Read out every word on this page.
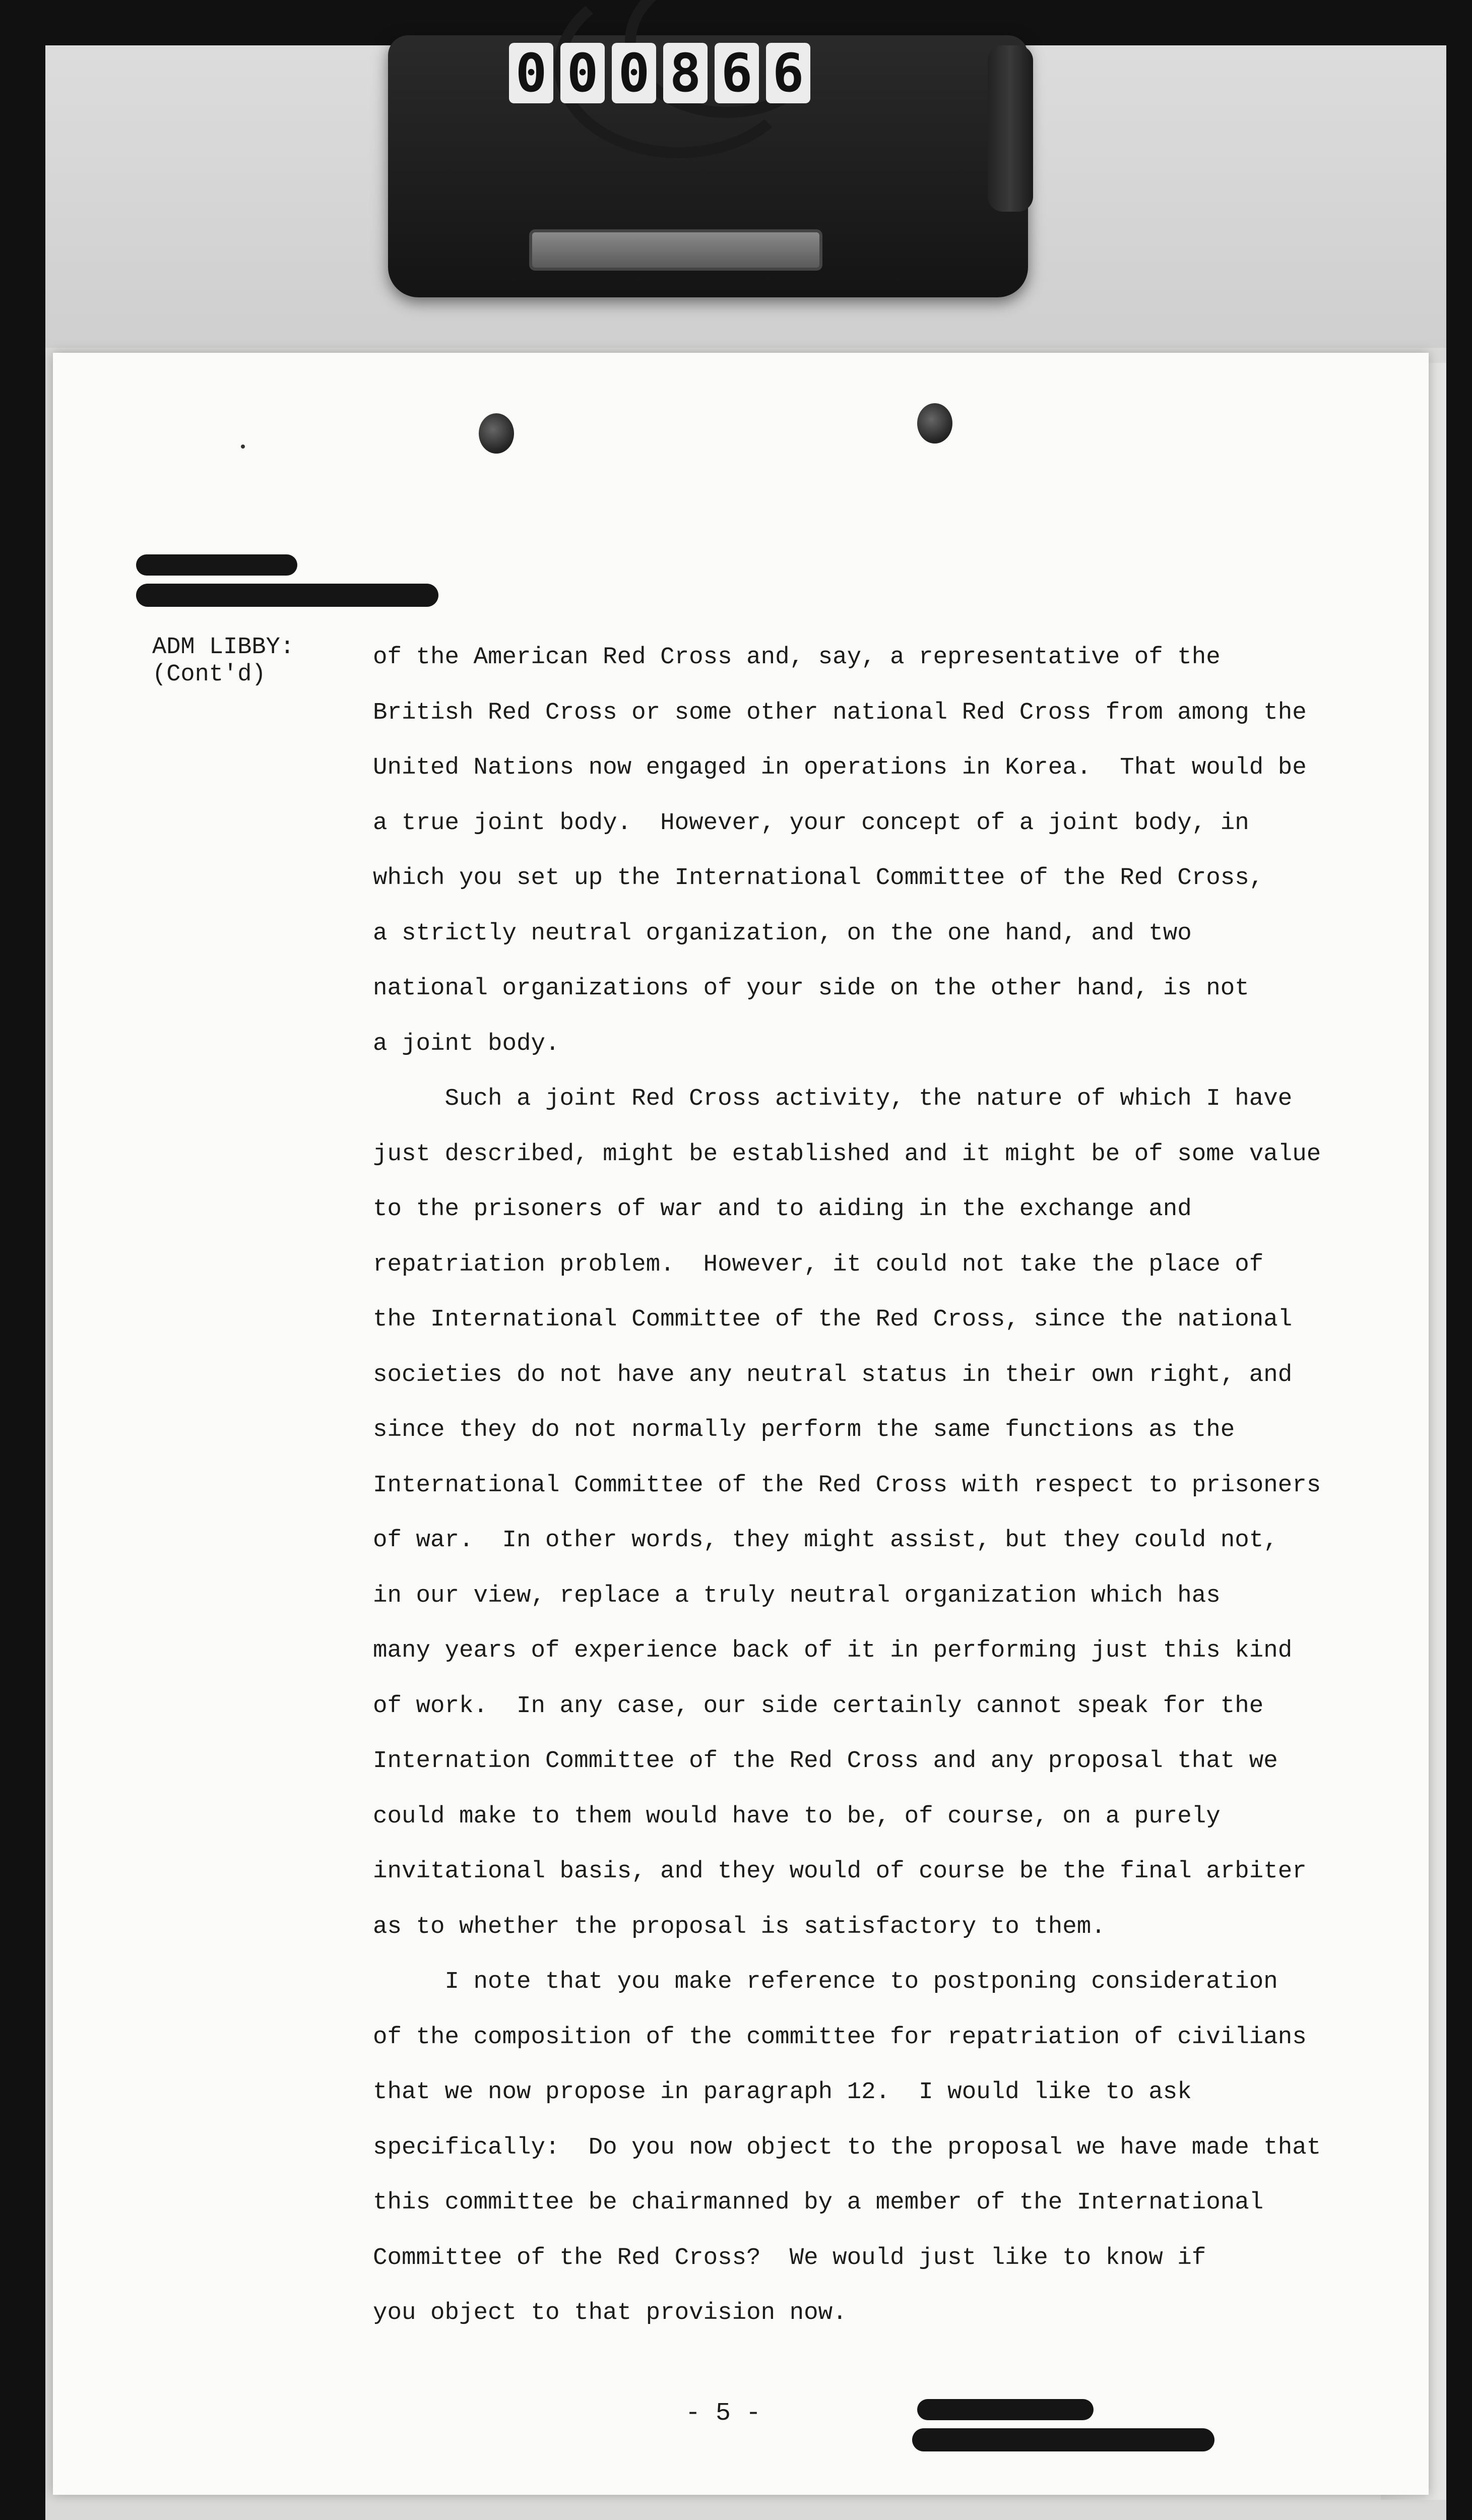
0 0 0 8 6 6
ADM LIBBY:
(Cont'd)
of the American Red Cross and, say, a representative of the
British Red Cross or some other national Red Cross from among the
United Nations now engaged in operations in Korea.  That would be
a true joint body.  However, your concept of a joint body, in
which you set up the International Committee of the Red Cross,
a strictly neutral organization, on the one hand, and two
national organizations of your side on the other hand, is not
a joint body.
Such a joint Red Cross activity, the nature of which I have
just described, might be established and it might be of some value
to the prisoners of war and to aiding in the exchange and
repatriation problem.  However, it could not take the place of
the International Committee of the Red Cross, since the national
societies do not have any neutral status in their own right, and
since they do not normally perform the same functions as the
International Committee of the Red Cross with respect to prisoners
of war.  In other words, they might assist, but they could not,
in our view, replace a truly neutral organization which has
many years of experience back of it in performing just this kind
of work.  In any case, our side certainly cannot speak for the
Internation Committee of the Red Cross and any proposal that we
could make to them would have to be, of course, on a purely
invitational basis, and they would of course be the final arbiter
as to whether the proposal is satisfactory to them.
I note that you make reference to postponing consideration
of the composition of the committee for repatriation of civilians
that we now propose in paragraph 12.  I would like to ask
specifically:  Do you now object to the proposal we have made that
this committee be chairmanned by a member of the International
Committee of the Red Cross?  We would just like to know if
you object to that provision now.
- 5 -
